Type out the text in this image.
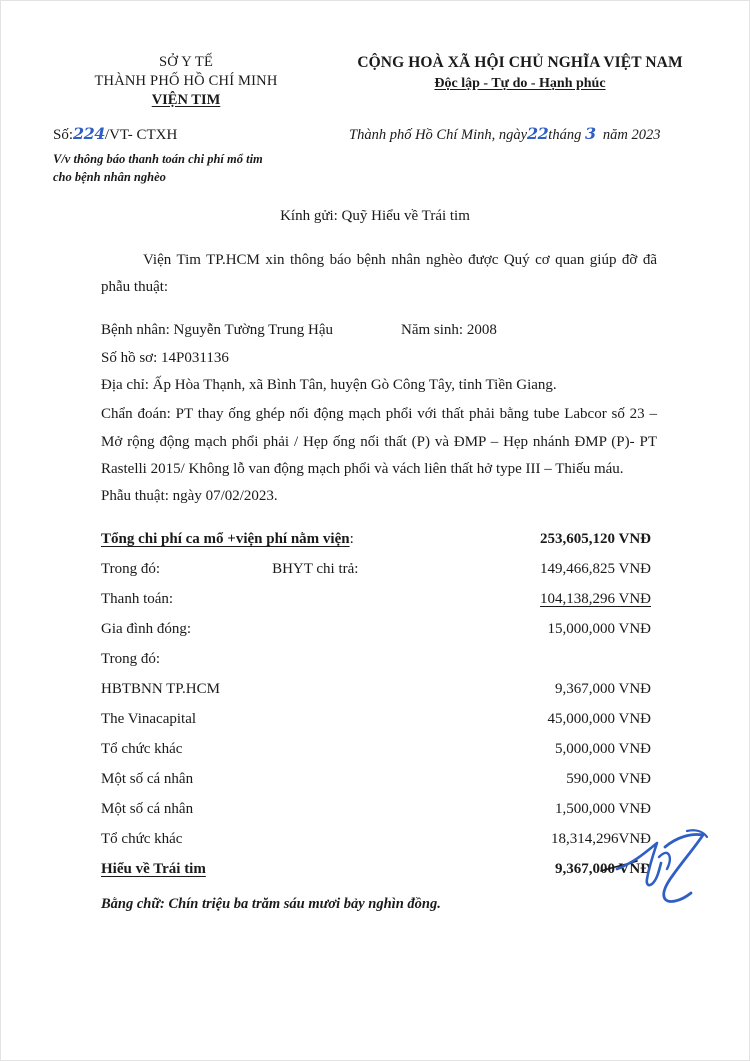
SỞ Y TẾ
THÀNH PHỐ HỒ CHÍ MINH
VIỆN TIM
CỘNG HOÀ XÃ HỘI CHỦ NGHĨA VIỆT NAM
Độc lập - Tự do - Hạnh phúc
Số:224/VT- CTXH	Thành phố Hồ Chí Minh, ngày22tháng 3 năm 2023
V/v thông báo thanh toán chi phí mổ tim
cho bệnh nhân nghèo
Kính gửi: Quỹ Hiểu về Trái tim

Viện Tim TP.HCM xin thông báo bệnh nhân nghèo được Quý cơ quan giúp đỡ đã phẫu thuật:

Bệnh nhân: Nguyễn Tường Trung Hậu	Năm sinh: 2008
Số hồ sơ: 14P031136
Địa chỉ: Ấp Hòa Thạnh, xã Bình Tân, huyện Gò Công Tây, tỉnh Tiền Giang.
Chẩn đoán: PT thay ống ghép nối động mạch phổi với thất phải bằng tube Labcor số 23 – Mở rộng động mạch phổi phải / Hẹp ống nối thất (P) và ĐMP – Hẹp nhánh ĐMP (P)- PT Rastelli 2015/ Không lỗ van động mạch phổi và vách liên thất hở type III – Thiếu máu.
Phẫu thuật: ngày 07/02/2023.
Tổng chi phí ca mổ +viện phí nằm viện:	253,605,120 VNĐ
Trong đó:	BHYT chi trả:	149,466,825 VNĐ
Thanh toán:	104,138,296 VNĐ
Gia đình đóng:	15,000,000 VNĐ
Trong đó:
HBTBNN TP.HCM	9,367,000 VNĐ
The Vinacapital	45,000,000 VNĐ
Tổ chức khác	5,000,000 VNĐ
Một số cá nhân	590,000 VNĐ
Một số cá nhân	1,500,000 VNĐ
Tổ chức khác	18,314,296VNĐ
Hiểu về Trái tim	9,367,000 VNĐ
Bằng chữ: Chín triệu ba trăm sáu mươi bảy nghìn đồng.
